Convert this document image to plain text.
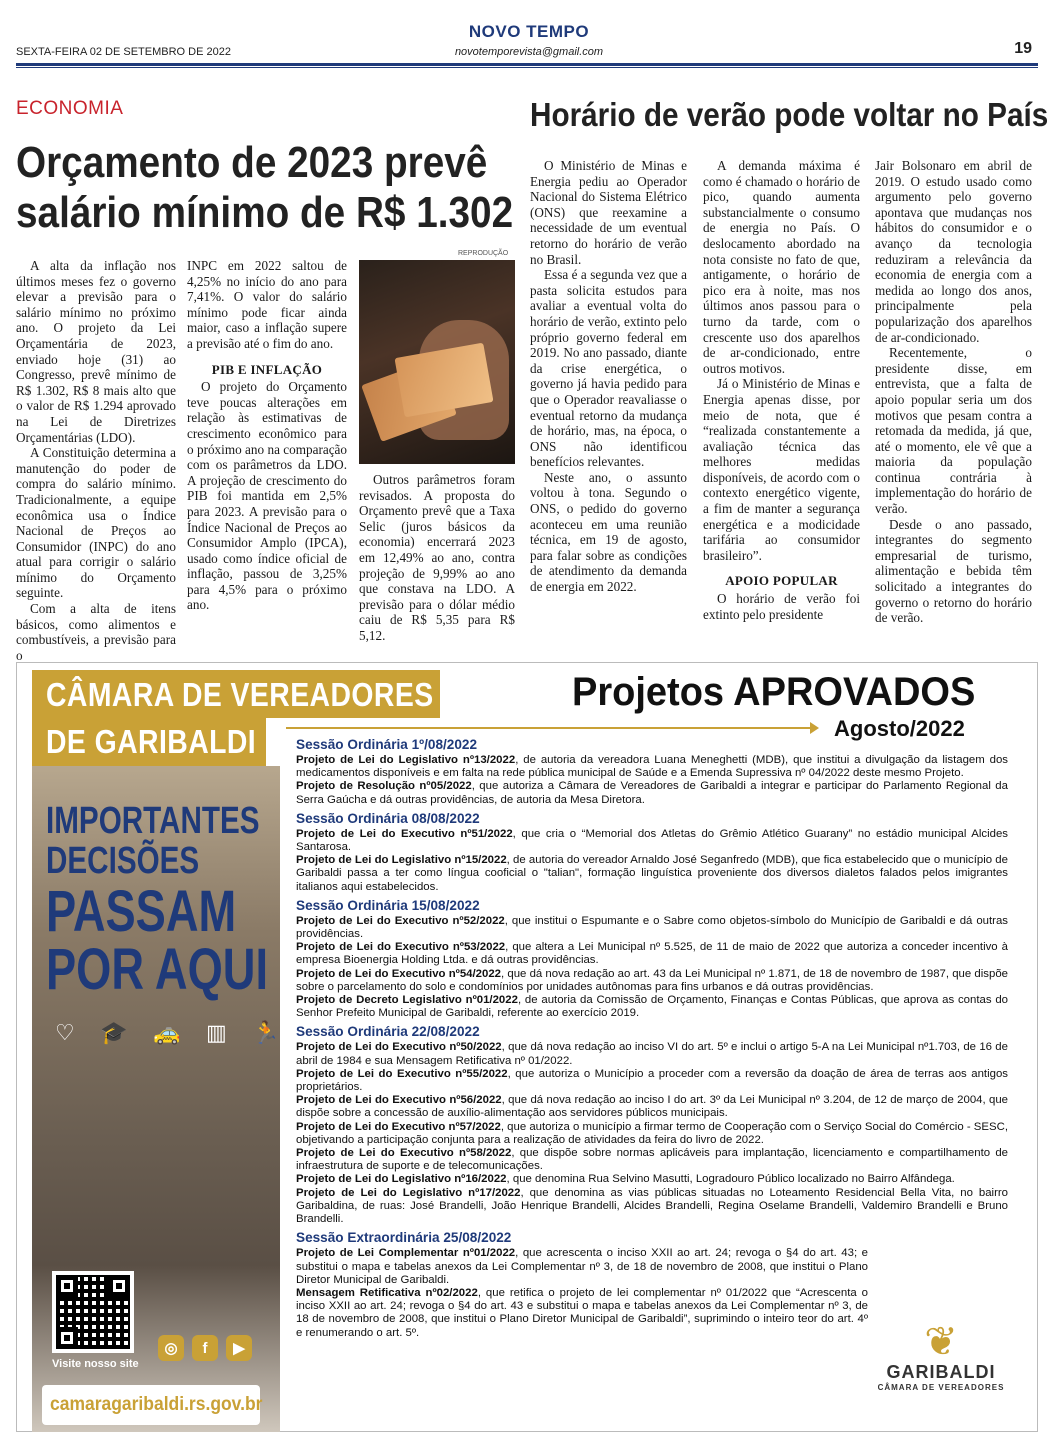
NOVO TEMPO
SEXTA-FEIRA 02 DE SETEMBRO DE 2022	novotemporevista@gmail.com	19
ECONOMIA
Orçamento de 2023 prevê
salário mínimo de R$ 1.302

A alta da inflação nos últimos meses fez o governo elevar a previsão para o salário mínimo no próximo ano. O projeto da Lei Orçamentária de 2023, enviado hoje (31) ao Congresso, prevê mínimo de R$ 1.302, R$ 8 mais alto que o valor de R$ 1.294 aprovado na Lei de Diretrizes Orçamentárias (LDO).

A Constituição determina a manutenção do poder de compra do salário mínimo. Tradicionalmente, a equipe econômica usa o Índice Nacional de Preços ao Consumidor (INPC) do ano atual para corrigir o salário mínimo do Orçamento seguinte.

Com a alta de itens básicos, como alimentos e combustíveis, a previsão para o

INPC em 2022 saltou de 4,25% no início do ano para 7,41%. O valor do salário mínimo pode ficar ainda maior, caso a inflação supere a previsão até o fim do ano.

PIB E INFLAÇÃO

O projeto do Orçamento teve poucas alterações em relação às estimativas de crescimento econômico para o próximo ano na comparação com os parâmetros da LDO. A projeção de crescimento do PIB foi mantida em 2,5% para 2023. A previsão para o Índice Nacional de Preços ao Consumidor Amplo (IPCA), usado como índice oficial de inflação, passou de 3,25% para 4,5% para o próximo ano.

REPRODUÇÃO

Outros parâmetros foram revisados. A proposta do Orçamento prevê que a Taxa Selic (juros básicos da economia) encerrará 2023 em 12,49% ao ano, contra projeção de 9,99% ao ano que constava na LDO. A previsão para o dólar médio caiu de R$ 5,35 para R$ 5,12.

Horário de verão pode voltar no País

O Ministério de Minas e Energia pediu ao Operador Nacional do Sistema Elétrico (ONS) que reexamine a necessidade de um eventual retorno do horário de verão no Brasil.

Essa é a segunda vez que a pasta solicita estudos para avaliar a eventual volta do horário de verão, extinto pelo próprio governo federal em 2019. No ano passado, diante da crise energética, o governo já havia pedido para que o Operador reavaliasse o eventual retorno da mudança de horário, mas, na época, o ONS não identificou benefícios relevantes.

Neste ano, o assunto voltou à tona. Segundo o ONS, o pedido do governo aconteceu em uma reunião técnica, em 19 de agosto, para falar sobre as condições de atendimento da demanda de energia em 2022.

A demanda máxima é como é chamado o horário de pico, quando aumenta substancialmente o consumo de energia no País. O deslocamento abordado na nota consiste no fato de que, antigamente, o horário de pico era à noite, mas nos últimos anos passou para o turno da tarde, com o crescente uso dos aparelhos de ar-condicionado, entre outros motivos.

Já o Ministério de Minas e Energia apenas disse, por meio de nota, que é “realizada constantemente a avaliação técnica das melhores medidas disponíveis, de acordo com o contexto energético vigente, a fim de manter a segurança energética e a modicidade tarifária ao consumidor brasileiro”.

APOIO POPULAR

O horário de verão foi extinto pelo presidente

Jair Bolsonaro em abril de 2019. O estudo usado como argumento pelo governo apontava que mudanças nos hábitos do consumidor e o avanço da tecnologia reduziram a relevância da economia de energia com a medida ao longo dos anos, principalmente pela popularização dos aparelhos de ar-condicionado.

Recentemente, o presidente disse, em entrevista, que a falta de apoio popular seria um dos motivos que pesam contra a retomada da medida, já que, até o momento, ele vê que a maioria da população continua contrária à implementação do horário de verão.

Desde o ano passado, integrantes do segmento empresarial de turismo, alimentação e bebida têm solicitado a integrantes do governo o retorno do horário de verão.

CÂMARA DE VEREADORES
DE GARIBALDI
IMPORTANTES
DECISÕES
PASSAM
POR AQUI
♡ 🎓 🚕 ▥ 🏃
Visite nosso site
◎	f	▶
camaragaribaldi.rs.gov.br
Projetos APROVADOS
Agosto/2022
Sessão Ordinária 1º/08/2022
Projeto de Lei do Legislativo nº13/2022, de autoria da vereadora Luana Meneghetti (MDB), que institui a divulgação da listagem dos medicamentos disponíveis e em falta na rede pública municipal de Saúde e a Emenda Supressiva nº 04/2022 deste mesmo Projeto.
Projeto de Resolução nº05/2022, que autoriza a Câmara de Vereadores de Garibaldi a integrar e participar do Parlamento Regional da Serra Gaúcha e dá outras providências, de autoria da Mesa Diretora.
Sessão Ordinária 08/08/2022
Projeto de Lei do Executivo nº51/2022, que cria o “Memorial dos Atletas do Grêmio Atlético Guarany” no estádio municipal Alcides Santarosa.
Projeto de Lei do Legislativo nº15/2022, de autoria do vereador Arnaldo José Seganfredo (MDB), que fica estabelecido que o município de Garibaldi passa a ter como língua cooficial o "talian", formação linguística proveniente dos diversos dialetos falados pelos imigrantes italianos aqui estabelecidos.
Sessão Ordinária 15/08/2022
Projeto de Lei do Executivo nº52/2022, que institui o Espumante e o Sabre como objetos-símbolo do Município de Garibaldi e dá outras providências.
Projeto de Lei do Executivo nº53/2022, que altera a Lei Municipal nº 5.525, de 11 de maio de 2022 que autoriza a conceder incentivo à empresa Bioenergia Holding Ltda. e dá outras providências.
Projeto de Lei do Executivo nº54/2022, que dá nova redação ao art. 43 da Lei Municipal nº 1.871, de 18 de novembro de 1987, que dispõe sobre o parcelamento do solo e condomínios por unidades autônomas para fins urbanos e dá outras providências.
Projeto de Decreto Legislativo nº01/2022, de autoria da Comissão de Orçamento, Finanças e Contas Públicas, que aprova as contas do Senhor Prefeito Municipal de Garibaldi, referente ao exercício 2019.
Sessão Ordinária 22/08/2022
Projeto de Lei do Executivo nº50/2022, que dá nova redação ao inciso VI do art. 5º e inclui o artigo 5-A na Lei Municipal nº1.703, de 16 de abril de 1984 e sua Mensagem Retificativa nº 01/2022.
Projeto de Lei do Executivo nº55/2022, que autoriza o Município a proceder com a reversão da doação de área de terras aos antigos proprietários.
Projeto de Lei do Executivo nº56/2022, que dá nova redação ao inciso I do art. 3º da Lei Municipal nº 3.204, de 12 de março de 2004, que dispõe sobre a concessão de auxílio-alimentação aos servidores públicos municipais.
Projeto de Lei do Executivo nº57/2022, que autoriza o município a firmar termo de Cooperação com o Serviço Social do Comércio - SESC, objetivando a participação conjunta para a realização de atividades da feira do livro de 2022.
Projeto de Lei do Executivo nº58/2022, que dispõe sobre normas aplicáveis para implantação, licenciamento e compartilhamento de infraestrutura de suporte e de telecomunicações.
Projeto de Lei do Legislativo nº16/2022, que denomina Rua Selvino Masutti, Logradouro Público localizado no Bairro Alfândega.
Projeto de Lei do Legislativo nº17/2022, que denomina as vias públicas situadas no Loteamento Residencial Bella Vita, no bairro Garibaldina, de ruas: José Brandelli, João Henrique Brandelli, Alcides Brandelli, Regina Oselame Brandelli, Valdemiro Brandelli e Bruno Brandelli.
Sessão Extraordinária 25/08/2022
Projeto de Lei Complementar nº01/2022, que acrescenta o inciso XXII ao art. 24; revoga o §4 do art. 43; e substitui o mapa e tabelas anexos da Lei Complementar nº 3, de 18 de novembro de 2008, que institui o Plano Diretor Municipal de Garibaldi.
Mensagem Retificativa nº02/2022, que retifica o projeto de lei complementar nº 01/2022 que “Acrescenta o inciso XXII ao art. 24; revoga o §4 do art. 43 e substitui o mapa e tabelas anexos da Lei Complementar nº 3, de 18 de novembro de 2008, que institui o Plano Diretor Municipal de Garibaldi”, suprimindo o inteiro teor do art. 4º e renumerando o art. 5º.	❦
GARIBALDI
CÂMARA DE VEREADORES
